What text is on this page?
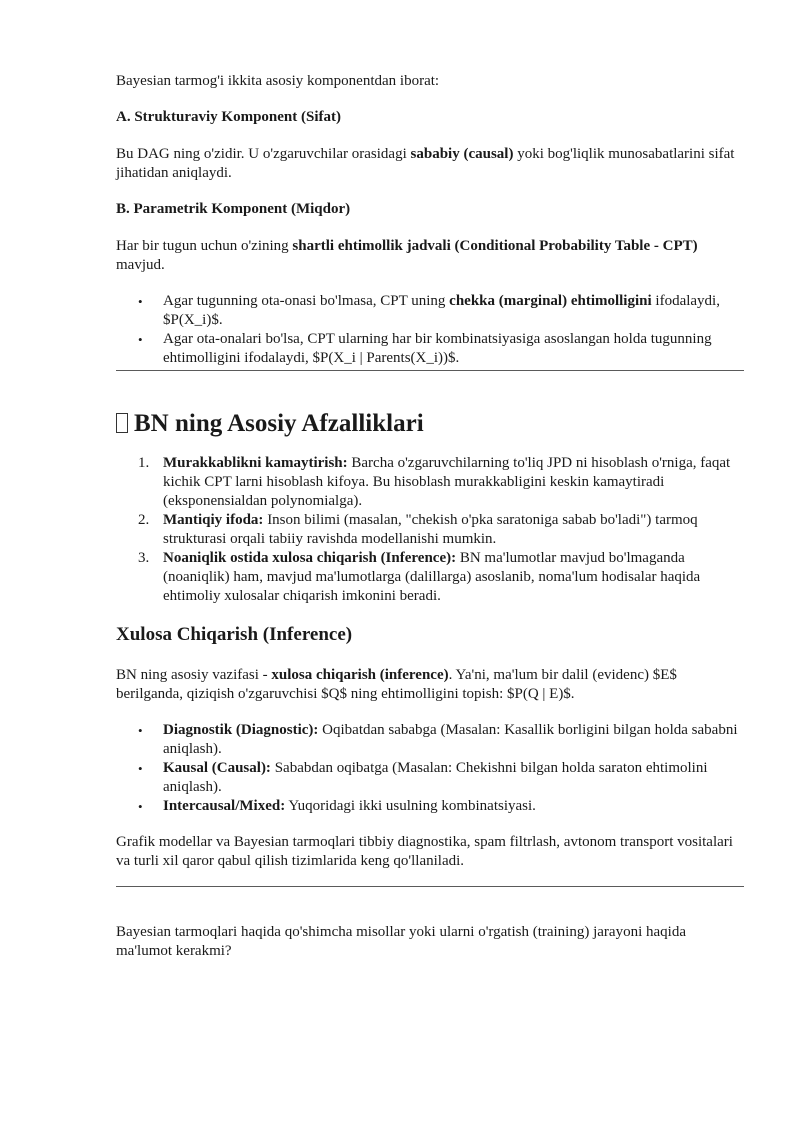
Bayesian tarmog'i ikkita asosiy komponentdan iborat:

A. Strukturaviy Komponent (Sifat)

Bu DAG ning o'zidir. U o'zgaruvchilar orasidagi sababiy (causal) yoki bog'liqlik munosabatlarini sifat jihatidan aniqlaydi.

B. Parametrik Komponent (Miqdor)

Har bir tugun uchun o'zining shartli ehtimollik jadvali (Conditional Probability Table - CPT) mavjud.

• Agar tugunning ota-onasi bo'lmasa, CPT uning chekka (marginal) ehtimolligini ifodalaydi, $P(X_i)$.
• Agar ota-onalari bo'lsa, CPT ularning har bir kombinatsiyasiga asoslangan holda tugunning ehtimolligini ifodalaydi, $P(X_i | Parents(X_i))$.
BN ning Asosiy Afzalliklari
1. Murakkablikni kamaytirish: Barcha o'zgaruvchilarning to'liq JPD ni hisoblash o'rniga, faqat kichik CPT larni hisoblash kifoya. Bu hisoblash murakkabligini keskin kamaytiradi (eksponensialdan polynomialga).
2. Mantiqiy ifoda: Inson bilimi (masalan, "chekish o'pka saratoniga sabab bo'ladi") tarmoq strukturasi orqali tabiiy ravishda modellanishi mumkin.
3. Noaniqlik ostida xulosa chiqarish (Inference): BN ma'lumotlar mavjud bo'lmaganda (noaniqlik) ham, mavjud ma'lumotlarga (dalillarga) asoslanib, noma'lum hodisalar haqida ehtimoliy xulosalar chiqarish imkonini beradi.
Xulosa Chiqarish (Inference)

BN ning asosiy vazifasi - xulosa chiqarish (inference). Ya'ni, ma'lum bir dalil (evidenc) $E$ berilganda, qiziqish o'zgaruvchisi $Q$ ning ehtimolligini topish: $P(Q | E)$.

• Diagnostik (Diagnostic): Oqibatdan sababga (Masalan: Kasallik borligini bilgan holda sababni aniqlash).
• Kausal (Causal): Sababdan oqibatga (Masalan: Chekishni bilgan holda saraton ehtimolini aniqlash).
• Intercausal/Mixed: Yuqoridagi ikki usulning kombinatsiyasi.

Grafik modellar va Bayesian tarmoqlari tibbiy diagnostika, spam filtrlash, avtonom transport vositalari va turli xil qaror qabul qilish tizimlarida keng qo'llaniladi.

Bayesian tarmoqlari haqida qo'shimcha misollar yoki ularni o'rgatish (training) jarayoni haqida ma'lumot kerakmi?
